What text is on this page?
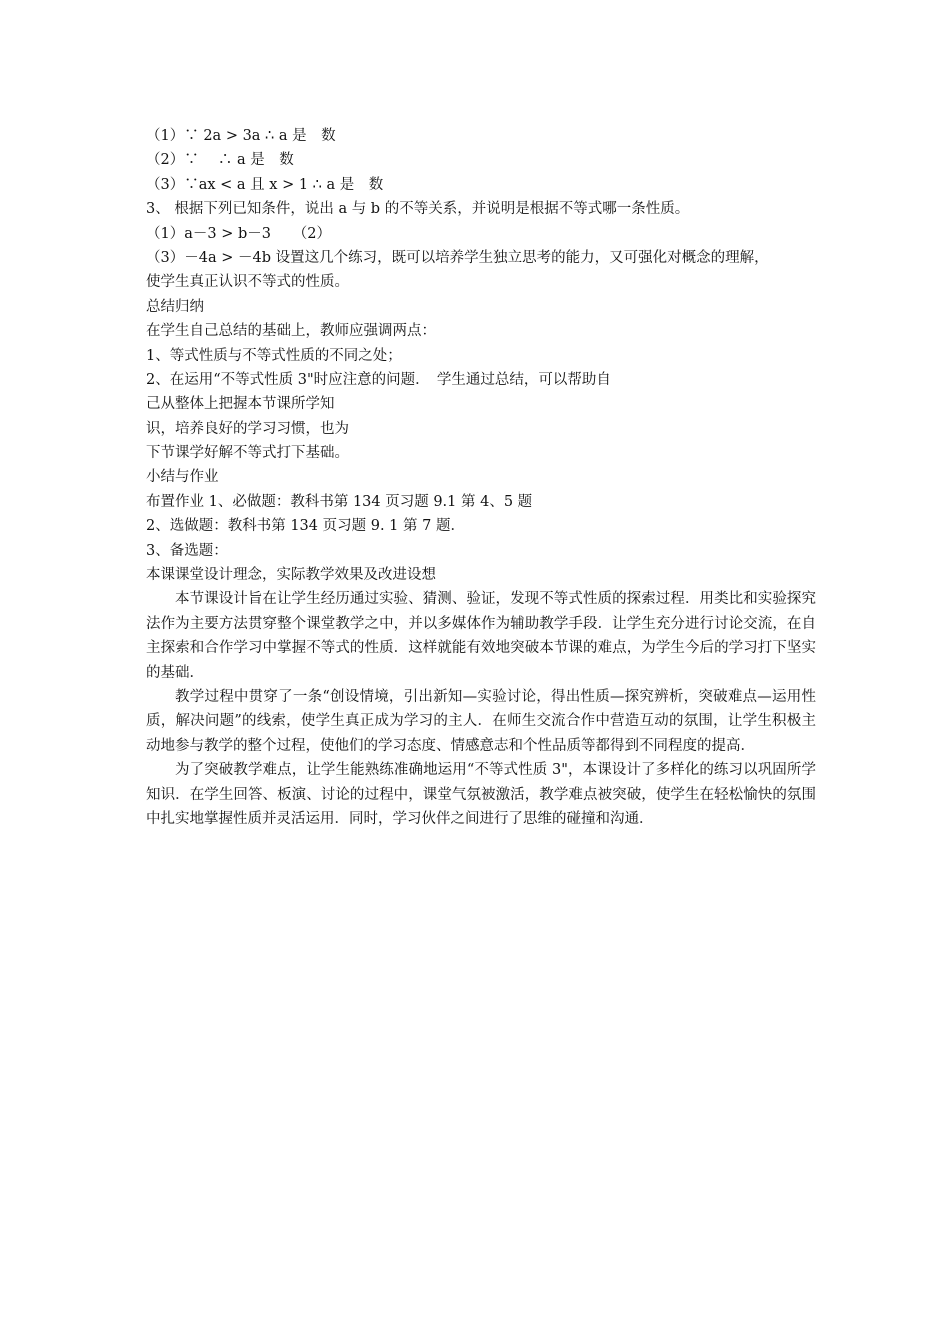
（1）∵ 2a > 3a ∴ a 是　数

（2）∵　 ∴ a 是　数

（3）∵ax < a 且 x > 1 ∴ a 是　数

3、 根据下列已知条件，说出 a 与 b 的不等关系，并说明是根据不等式哪一条性质。

（1）a－3 > b－3　　（2）

（3）－4a > －4b 设置这几个练习，既可以培养学生独立思考的能力，又可强化对概念的理解，

使学生真正认识不等式的性质。

总结归纳

在学生自己总结的基础上，教师应强调两点：

1、等式性质与不等式性质的不同之处；

2、在运用“不等式性质 3"时应注意的问题．　学生通过总结，可以帮助自

己从整体上把握本节课所学知

识，培养良好的学习习惯，也为

下节课学好解不等式打下基础。

小结与作业

布置作业 1、必做题：教科书第 134 页习题 9.1 第 4、5 题

2、选做题：教科书第 134 页习题 9. 1 第 7 题．

3、备选题：

本课课堂设计理念，实际教学效果及改进设想

本节课设计旨在让学生经历通过实验、猜测、验证，发现不等式性质的探索过程．用类比和实验探究法作为主要方法贯穿整个课堂教学之中，并以多媒体作为辅助教学手段．让学生充分进行讨论交流，在自主探索和合作学习中掌握不等式的性质．这样就能有效地突破本节课的难点，为学生今后的学习打下坚实的基础．

教学过程中贯穿了一条“创设情境，引出新知—实验讨论，得出性质—探究辨析，突破难点—运用性质，解决问题”的线索，使学生真正成为学习的主人．在师生交流合作中营造互动的氛围，让学生积极主动地参与教学的整个过程，使他们的学习态度、情感意志和个性品质等都得到不同程度的提高．

为了突破教学难点，让学生能熟练准确地运用“不等式性质 3"，本课设计了多样化的练习以巩固所学知识．在学生回答、板演、讨论的过程中，课堂气氛被激活，教学难点被突破，使学生在轻松愉快的氛围中扎实地掌握性质并灵活运用．同时，学习伙伴之间进行了思维的碰撞和沟通．
